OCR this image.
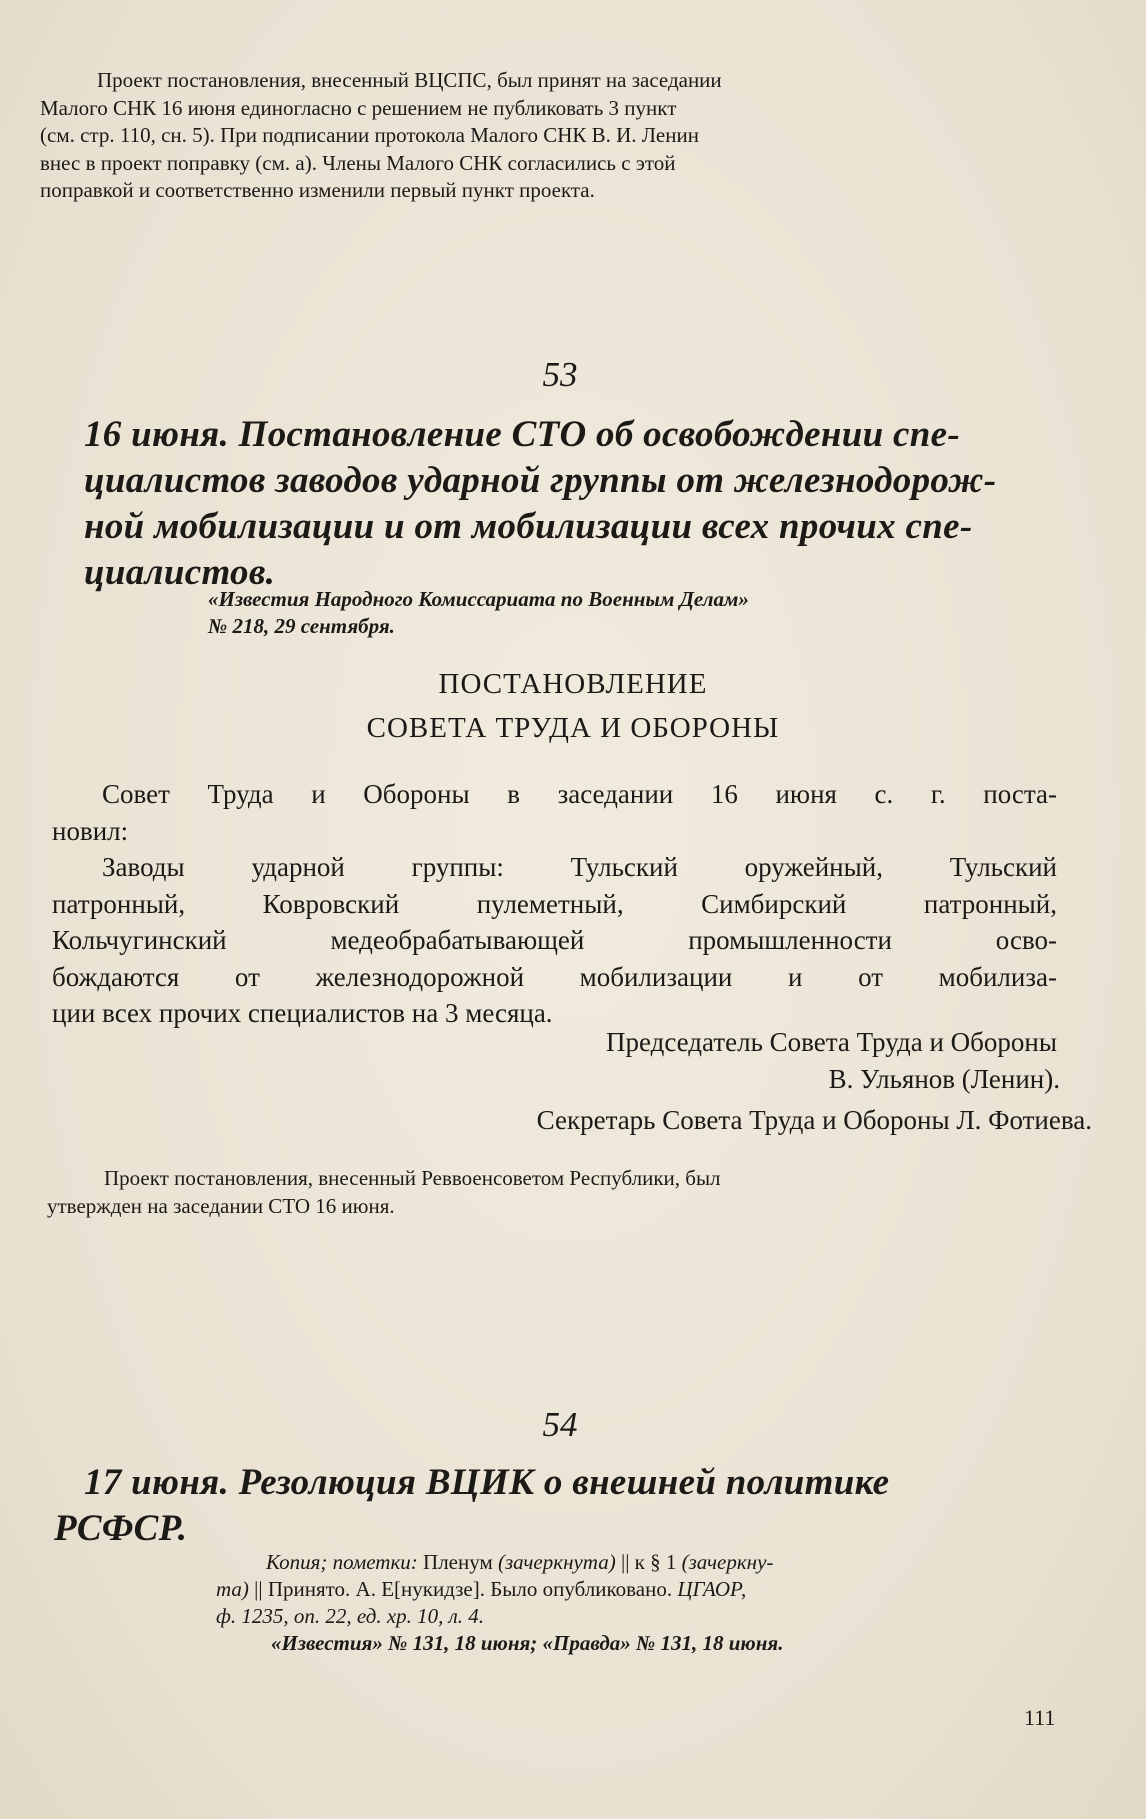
Проект постановления, внесенный ВЦСПС, был принят на заседании
Малого СНК 16 июня единогласно с решением не публиковать 3 пункт
(см. стр. 110, сн. 5). При подписании протокола Малого СНК В. И. Ленин
внес в проект поправку (см. а). Члены Малого СНК согласились с этой
поправкой и соответственно изменили первый пункт проекта.
53
16 июня. Постановление СТО об освобождении спе-
циалистов заводов ударной группы от железнодорож-
ной мобилизации и от мобилизации всех прочих спе-
циалистов.
«Известия Народного Комиссариата по Военным Делам»
№ 218, 29 сентября.
ПОСТАНОВЛЕНИЕ
СОВЕТА ТРУДА И ОБОРОНЫ
Совет Труда и Обороны в заседании 16 июня с. г. поста-
новил:
Заводы ударной группы: Тульский оружейный, Тульский
патронный, Ковровский пулеметный, Симбирский патронный,
Кольчугинский медеобрабатывающей промышленности осво-
бождаются от железнодорожной мобилизации и от мобилиза-
ции всех прочих специалистов на 3 месяца.
Председатель Совета Труда и Обороны
В. Ульянов (Ленин).
Секретарь Совета Труда и Обороны Л. Фотиева.
Проект постановления, внесенный Реввоенсоветом Республики, был
утвержден на заседании СТО 16 июня.
54
17 июня. Резолюция ВЦИК о внешней политике
РСФСР.
Копия; пометки: Пленум (зачеркнута) || к § 1 (зачеркну-
та) || Принято. А. Е[нукидзе]. Было опубликовано. ЦГАОР,
ф. 1235, оп. 22, ед. хр. 10, л. 4.
«Известия» № 131, 18 июня; «Правда» № 131, 18 июня.
111
